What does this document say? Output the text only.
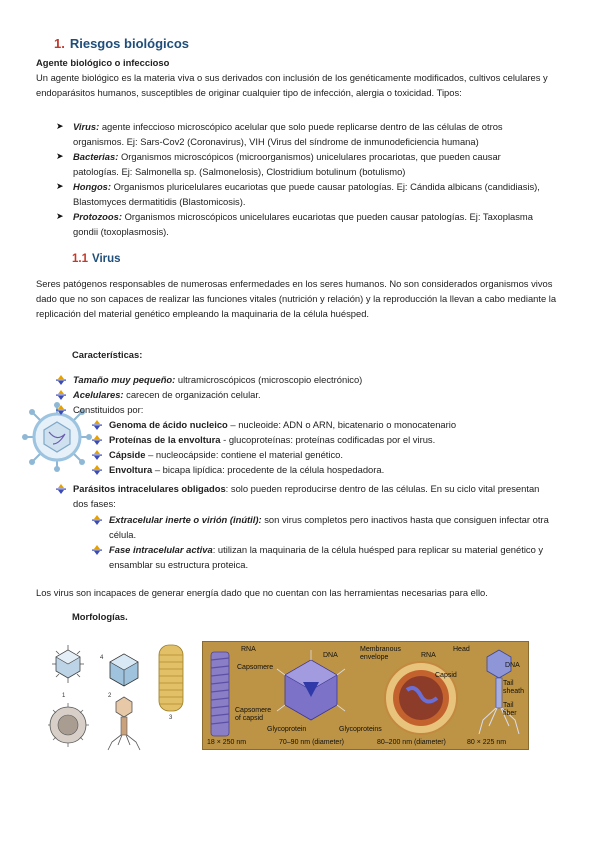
1. Riesgos biológicos

Agente biológico o infeccioso

Un agente biológico es la materia viva o sus derivados con inclusión de los genéticamente modificados, cultivos celulares y endoparásitos humanos, susceptibles de originar cualquier tipo de infección, alergia o toxicidad. Tipos:

➤ Virus: agente infeccioso microscópico acelular que solo puede replicarse dentro de las células de otros organismos. Ej: Sars-Cov2 (Coronavirus), VIH (Virus del síndrome de inmunodeficiencia humana)
➤ Bacterias: Organismos microscópicos (microorganismos) unicelulares procariotas, que pueden causar patologías. Ej: Salmonella sp. (Salmonelosis), Clostridium botulinum (botulismo)
➤ Hongos: Organismos pluricelulares eucariotas que puede causar patologías. Ej: Cándida albicans (candidiasis), Blastomyces dermatitidis (Blastomicosis).
➤ Protozoos: Organismos microscópicos unicelulares eucariotas que pueden causar patologías. Ej: Taxoplasma gondii (toxoplasmosis).
1.1 Virus

Seres patógenos responsables de numerosas enfermedades en los seres humanos. No son considerados organismos vivos dado que no son capaces de realizar las funciones vitales (nutrición y relación) y la reproducción la llevan a cabo mediante la replicación del material genético empleando la maquinaria de la célula huésped.

Características:

Tamaño muy pequeño: ultramicroscópicos (microscopio electrónico)
Acelulares: carecen de organización celular.
Constituidos por:
Genoma de ácido nucleico – nucleoide: ADN o ARN, bicatenario o monocatenario
Proteínas de la envoltura - glucoproteínas: proteínas codificadas por el virus.
Cápside – nucleocápside: contiene el material genético.
Envoltura – bicapa lipídica: procedente de la célula hospedadora.
Parásitos intracelulares obligados: solo pueden reproducirse dentro de las células. En su ciclo vital presentan dos fases:
Extracelular inerte o virión (inútil): son virus completos pero inactivos hasta que consiguen infectar otra célula.
Fase intracelular activa: utilizan la maquinaria de la célula huésped para replicar su material genético y ensamblar su estructura proteica.

Los virus son incapaces de generar energía dado que no cuentan con las herramientas necesarias para ello.

Morfologías.

4
1	2
3
RNA
Capsomere
Capsomere of capsid
DNA
Membranous envelope	RNA
Capsid
Head
DNA
Tail sheath
Tail fiber
Glycoprotein	Glycoproteins
18 × 250 nm	70–90 nm (diameter)	80–200 nm (diameter)	80 × 225 nm
